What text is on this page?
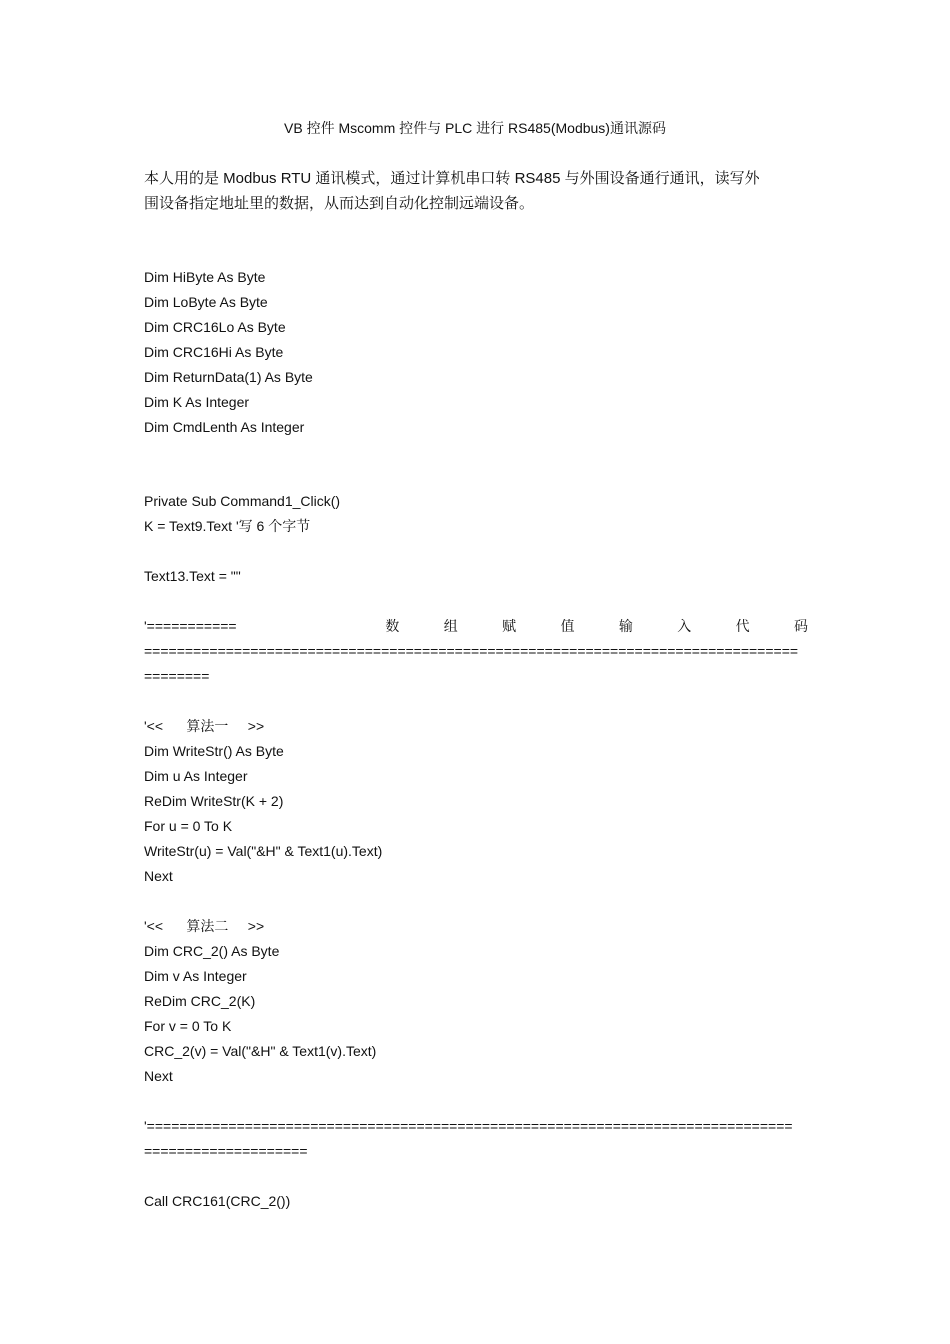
VB 控件 Mscomm 控件与 PLC 进行 RS485(Modbus)通讯源码

本人用的是 Modbus RTU 通讯模式，通过计算机串口转 RS485 与外围设备通行通讯，读写外

围设备指定地址里的数据，从而达到自动化控制远端设备。

Dim HiByte As Byte
Dim LoByte As Byte
Dim CRC16Lo As Byte
Dim CRC16Hi As Byte
Dim ReturnData(1) As Byte
Dim K As Integer
Dim CmdLenth As Integer
Private Sub Command1_Click()
K = Text9.Text '写 6 个字节
Text13.Text = ""
'===========	数	组	赋	值	输	入	代	码
================================================================================
========
'<<      算法一     >>
Dim WriteStr() As Byte
Dim u As Integer
ReDim WriteStr(K + 2)
For u = 0 To K
WriteStr(u) = Val("&H" & Text1(u).Text)
Next
'<<      算法二     >>
Dim CRC_2() As Byte
Dim v As Integer
ReDim CRC_2(K)
For v = 0 To K
CRC_2(v) = Val("&H" & Text1(v).Text)
Next
'===============================================================================
====================
Call CRC161(CRC_2())
